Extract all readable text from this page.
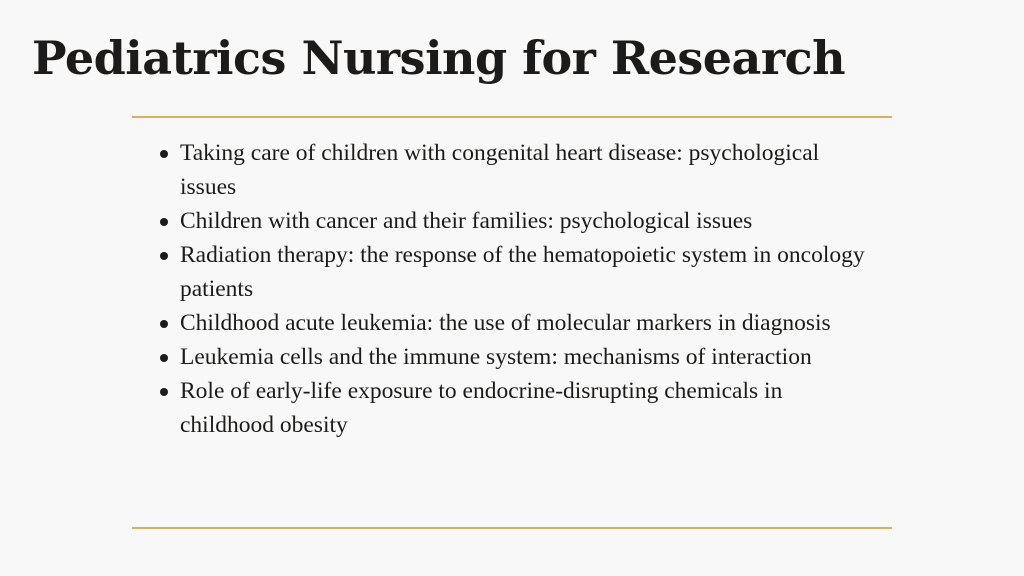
Pediatrics Nursing for Research
Taking care of children with congenital heart disease: psychological issues
Children with cancer and their families: psychological issues
Radiation therapy: the response of the hematopoietic system in oncology patients
Childhood acute leukemia: the use of molecular markers in diagnosis
Leukemia cells and the immune system: mechanisms of interaction
Role of early-life exposure to endocrine-disrupting chemicals in childhood obesity
